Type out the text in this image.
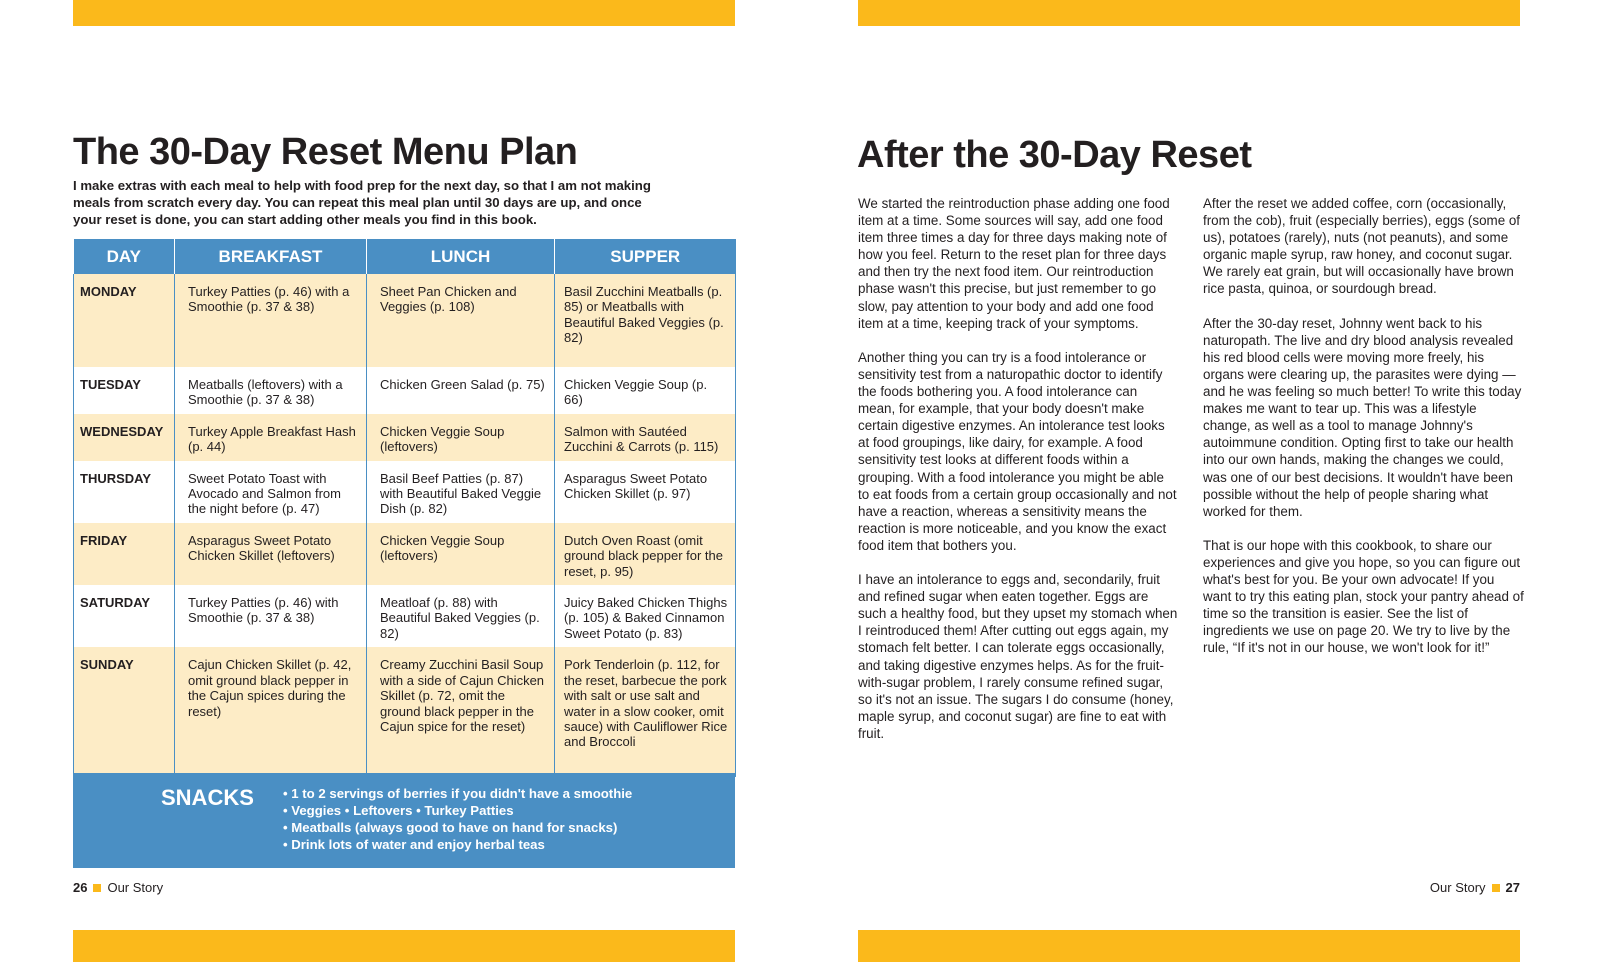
The 30-Day Reset Menu Plan
I make extras with each meal to help with food prep for the next day, so that I am not making meals from scratch every day. You can repeat this meal plan until 30 days are up, and once your reset is done, you can start adding other meals you find in this book.
DAY	BREAKFAST	LUNCH	SUPPER
MONDAY	Turkey Patties (p. 46) with a Smoothie (p. 37 & 38)	Sheet Pan Chicken and Veggies (p. 108)	Basil Zucchini Meatballs (p. 85) or Meatballs with Beautiful Baked Veggies (p. 82)
TUESDAY	Meatballs (leftovers) with a Smoothie (p. 37 & 38)	Chicken Green Salad (p. 75)	Chicken Veggie Soup (p. 66)
WEDNESDAY	Turkey Apple Breakfast Hash (p. 44)	Chicken Veggie Soup (leftovers)	Salmon with Sautéed Zucchini & Carrots (p. 115)
THURSDAY	Sweet Potato Toast with Avocado and Salmon from the night before (p. 47)	Basil Beef Patties (p. 87) with Beautiful Baked Veggie Dish (p. 82)	Asparagus Sweet Potato Chicken Skillet (p. 97)
FRIDAY	Asparagus Sweet Potato Chicken Skillet (leftovers)	Chicken Veggie Soup (leftovers)	Dutch Oven Roast (omit ground black pepper for the reset, p. 95)
SATURDAY	Turkey Patties (p. 46) with Smoothie (p. 37 & 38)	Meatloaf (p. 88) with Beautiful Baked Veggies (p. 82)	Juicy Baked Chicken Thighs (p. 105) & Baked Cinnamon Sweet Potato (p. 83)
SUNDAY	Cajun Chicken Skillet (p. 42, omit ground black pepper in the Cajun spices during the reset)	Creamy Zucchini Basil Soup with a side of Cajun Chicken Skillet (p. 72, omit the ground black pepper in the Cajun spice for the reset)	Pork Tenderloin (p. 112, for the reset, barbecue the pork with salt or use salt and water in a slow cooker, omit sauce) with Cauliflower Rice and Broccoli
SNACKS	• 1 to 2 servings of berries if you didn't have a smoothie
• Veggies • Leftovers • Turkey Patties
• Meatballs (always good to have on hand for snacks)
• Drink lots of water and enjoy herbal teas
26 Our Story
After the 30-Day Reset

We started the reintroduction phase adding one food item at a time. Some sources will say, add one food item three times a day for three days making note of how you feel. Return to the reset plan for three days and then try the next food item. Our reintroduction phase wasn't this precise, but just remember to go slow, pay attention to your body and add one food item at a time, keeping track of your symptoms.

Another thing you can try is a food intolerance or sensitivity test from a naturopathic doctor to identify the foods bothering you. A food intolerance can mean, for example, that your body doesn't make certain digestive enzymes. An intolerance test looks at food groupings, like dairy, for example. A food sensitivity test looks at different foods within a grouping. With a food intolerance you might be able to eat foods from a certain group occasionally and not have a reaction, whereas a sensitivity means the reaction is more noticeable, and you know the exact food item that bothers you.

I have an intolerance to eggs and, secondarily, fruit and refined sugar when eaten together. Eggs are such a healthy food, but they upset my stomach when I reintroduced them! After cutting out eggs again, my stomach felt better. I can tolerate eggs occasionally, and taking digestive enzymes helps. As for the fruit-with-sugar problem, I rarely consume refined sugar, so it's not an issue. The sugars I do consume (honey, maple syrup, and coconut sugar) are fine to eat with fruit.

After the reset we added coffee, corn (occasionally, from the cob), fruit (especially berries), eggs (some of us), potatoes (rarely), nuts (not peanuts), and some organic maple syrup, raw honey, and coconut sugar. We rarely eat grain, but will occasionally have brown rice pasta, quinoa, or sourdough bread.

After the 30-day reset, Johnny went back to his naturopath. The live and dry blood analysis revealed his red blood cells were moving more freely, his organs were clearing up, the parasites were dying — and he was feeling so much better! To write this today makes me want to tear up. This was a lifestyle change, as well as a tool to manage Johnny's autoimmune condition. Opting first to take our health into our own hands, making the changes we could, was one of our best decisions. It wouldn't have been possible without the help of people sharing what worked for them.

That is our hope with this cookbook, to share our experiences and give you hope, so you can figure out what's best for you. Be your own advocate! If you want to try this eating plan, stock your pantry ahead of time so the transition is easier. See the list of ingredients we use on page 20. We try to live by the rule, “If it's not in our house, we won't look for it!”

Our Story 27
